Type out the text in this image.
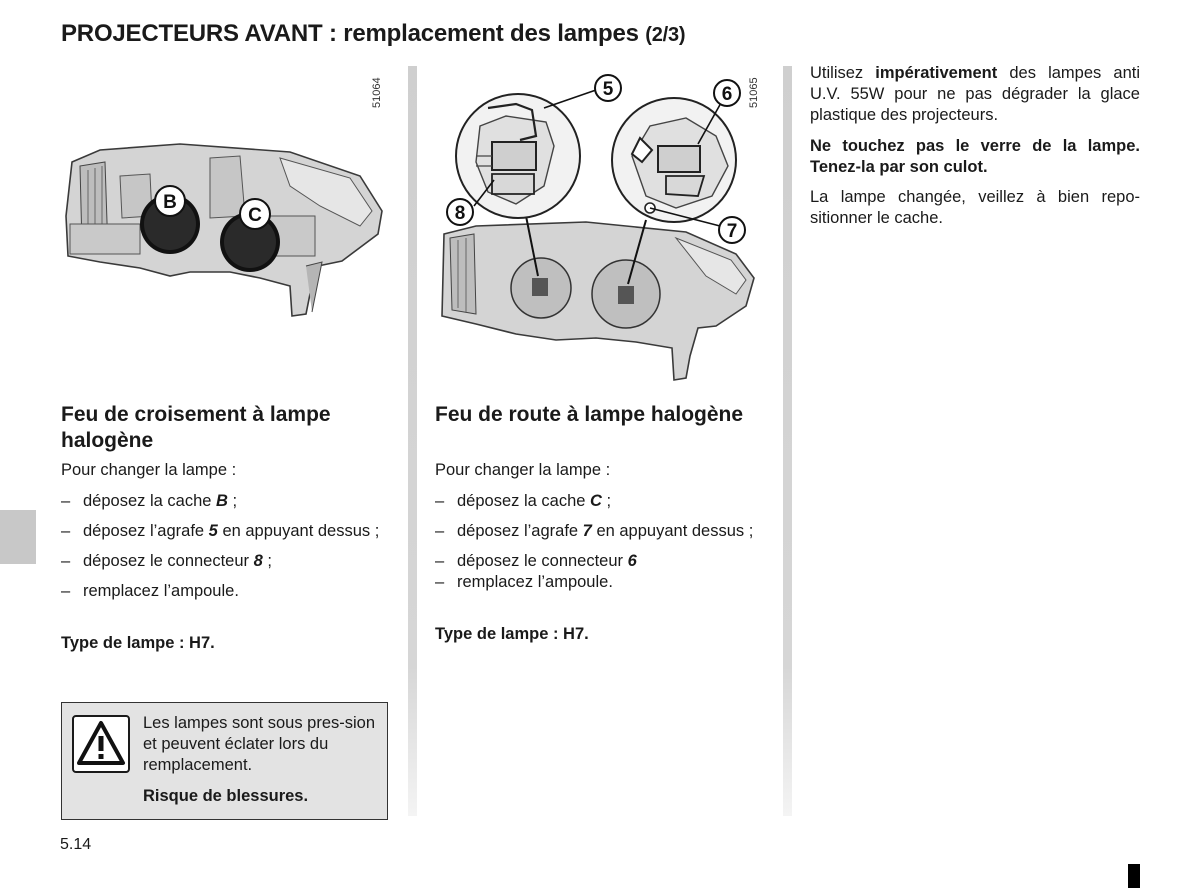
PROJECTEURS AVANT : remplacement des lampes (2/3)
B
C
51064	5	6
8
7
51065
Feu de croisement à lampe halogène

Pour changer la lampe :

– déposez la cache B ;
– déposez l’agrafe 5 en appuyant dessus ;
– déposez le connecteur 8 ;
– remplacez l’ampoule.

Type de lampe : H7.

Les lampes sont sous pres-sion et peuvent éclater lors du remplacement.

Risque de blessures.

Feu de route à lampe halogène

Pour changer la lampe :

– déposez la cache C ;
– déposez l’agrafe 7 en appuyant dessus ;
– déposez le connecteur 6
– remplacez l’ampoule.

Type de lampe : H7.

Utilisez impérativement des lampes anti U.V. 55W pour ne pas dégrader la glace plastique des projecteurs.

Ne touchez pas le verre de la lampe. Tenez-la par son culot.

La lampe changée, veillez à bien repo-sitionner le cache.

5.14
